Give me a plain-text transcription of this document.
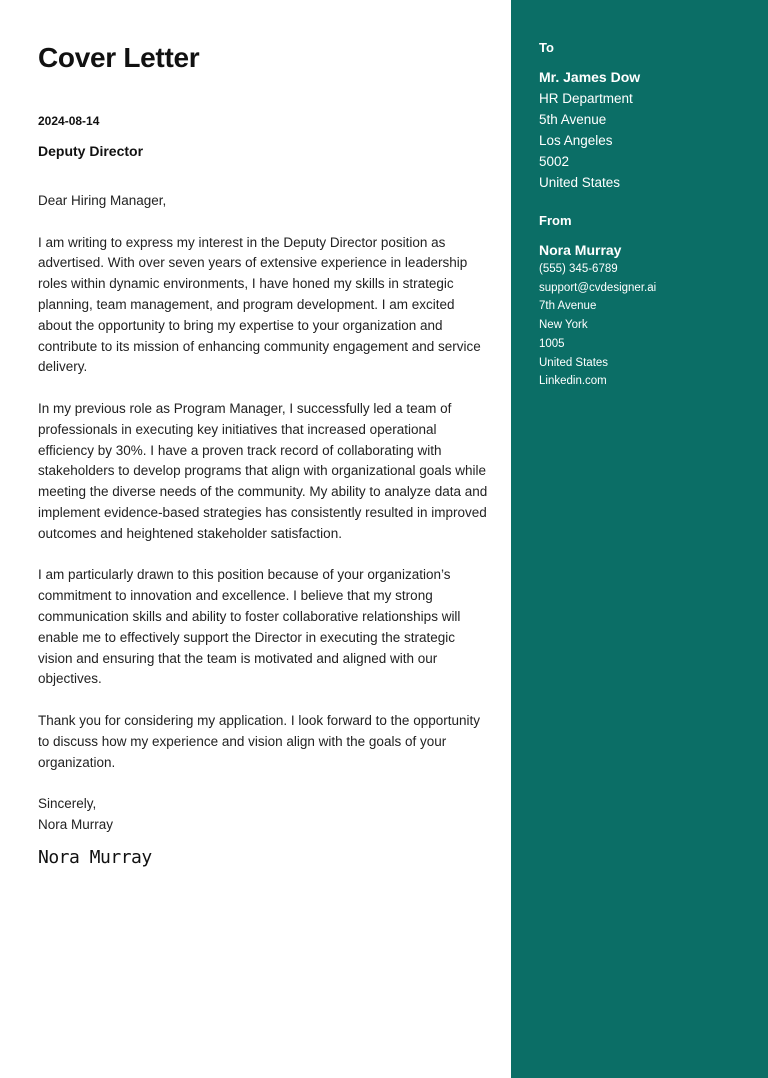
Cover Letter
2024-08-14
Deputy Director

Dear Hiring Manager,

I am writing to express my interest in the Deputy Director position as advertised. With over seven years of extensive experience in leadership roles within dynamic environments, I have honed my skills in strategic planning, team management, and program development. I am excited about the opportunity to bring my expertise to your organization and contribute to its mission of enhancing community engagement and service delivery.

In my previous role as Program Manager, I successfully led a team of professionals in executing key initiatives that increased operational efficiency by 30%. I have a proven track record of collaborating with stakeholders to develop programs that align with organizational goals while meeting the diverse needs of the community. My ability to analyze data and implement evidence-based strategies has consistently resulted in improved outcomes and heightened stakeholder satisfaction.

I am particularly drawn to this position because of your organization’s commitment to innovation and excellence. I believe that my strong communication skills and ability to foster collaborative relationships will enable me to effectively support the Director in executing the strategic vision and ensuring that the team is motivated and aligned with our objectives.

Thank you for considering my application. I look forward to the opportunity to discuss how my experience and vision align with the goals of your organization.

Sincerely,
Nora Murray
Nora Murray
To
Mr. James Dow
HR Department
5th Avenue
Los Angeles
5002
United States
From
Nora Murray
(555) 345-6789
support@cvdesigner.ai
7th Avenue
New York
1005
United States
Linkedin.com
